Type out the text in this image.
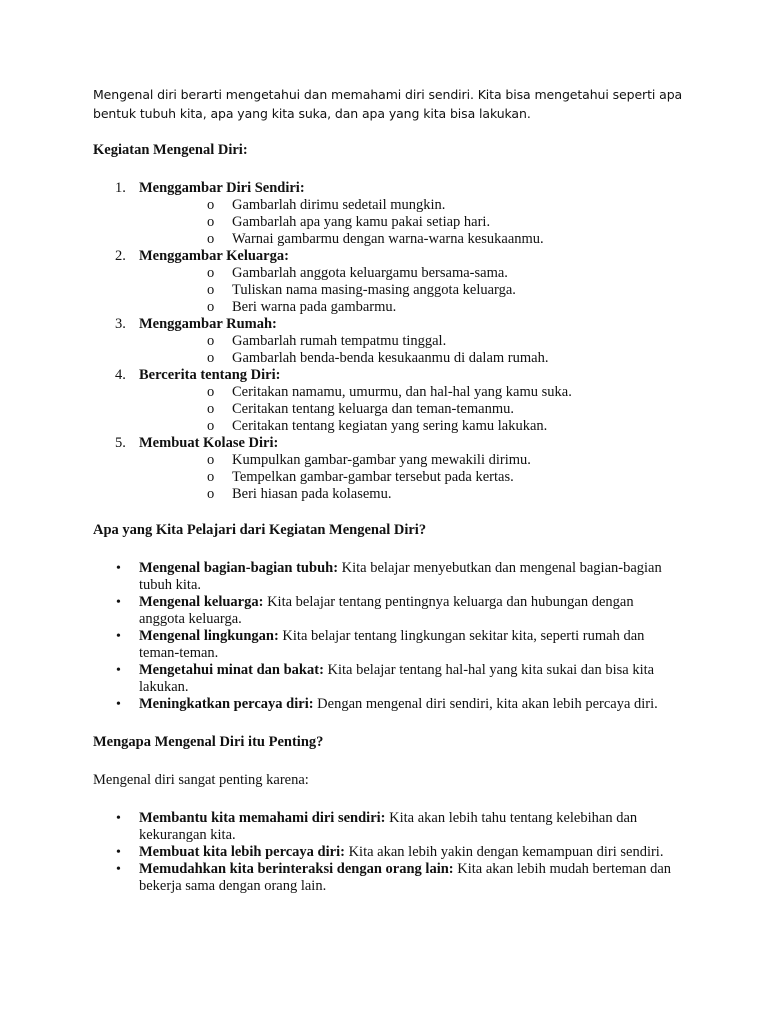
Mengenal diri berarti mengetahui dan memahami diri sendiri. Kita bisa mengetahui seperti apa bentuk tubuh kita, apa yang kita suka, dan apa yang kita bisa lakukan.

Kegiatan Mengenal Diri:
1. Menggambar Diri Sendiri:
o Gambarlah dirimu sedetail mungkin.
o Gambarlah apa yang kamu pakai setiap hari.
o Warnai gambarmu dengan warna-warna kesukaanmu.
2. Menggambar Keluarga:
o Gambarlah anggota keluargamu bersama-sama.
o Tuliskan nama masing-masing anggota keluarga.
o Beri warna pada gambarmu.
3. Menggambar Rumah:
o Gambarlah rumah tempatmu tinggal.
o Gambarlah benda-benda kesukaanmu di dalam rumah.
4. Bercerita tentang Diri:
o Ceritakan namamu, umurmu, dan hal-hal yang kamu suka.
o Ceritakan tentang keluarga dan teman-temanmu.
o Ceritakan tentang kegiatan yang sering kamu lakukan.
5. Membuat Kolase Diri:
o Kumpulkan gambar-gambar yang mewakili dirimu.
o Tempelkan gambar-gambar tersebut pada kertas.
o Beri hiasan pada kolasemu.
Apa yang Kita Pelajari dari Kegiatan Mengenal Diri?
• Mengenal bagian-bagian tubuh: Kita belajar menyebutkan dan mengenal bagian-bagian tubuh kita.
• Mengenal keluarga: Kita belajar tentang pentingnya keluarga dan hubungan dengan anggota keluarga.
• Mengenal lingkungan: Kita belajar tentang lingkungan sekitar kita, seperti rumah dan teman-teman.
• Mengetahui minat dan bakat: Kita belajar tentang hal-hal yang kita sukai dan bisa kita lakukan.
• Meningkatkan percaya diri: Dengan mengenal diri sendiri, kita akan lebih percaya diri.
Mengapa Mengenal Diri itu Penting?

Mengenal diri sangat penting karena:

• Membantu kita memahami diri sendiri: Kita akan lebih tahu tentang kelebihan dan kekurangan kita.
• Membuat kita lebih percaya diri: Kita akan lebih yakin dengan kemampuan diri sendiri.
• Memudahkan kita berinteraksi dengan orang lain: Kita akan lebih mudah berteman dan bekerja sama dengan orang lain.
